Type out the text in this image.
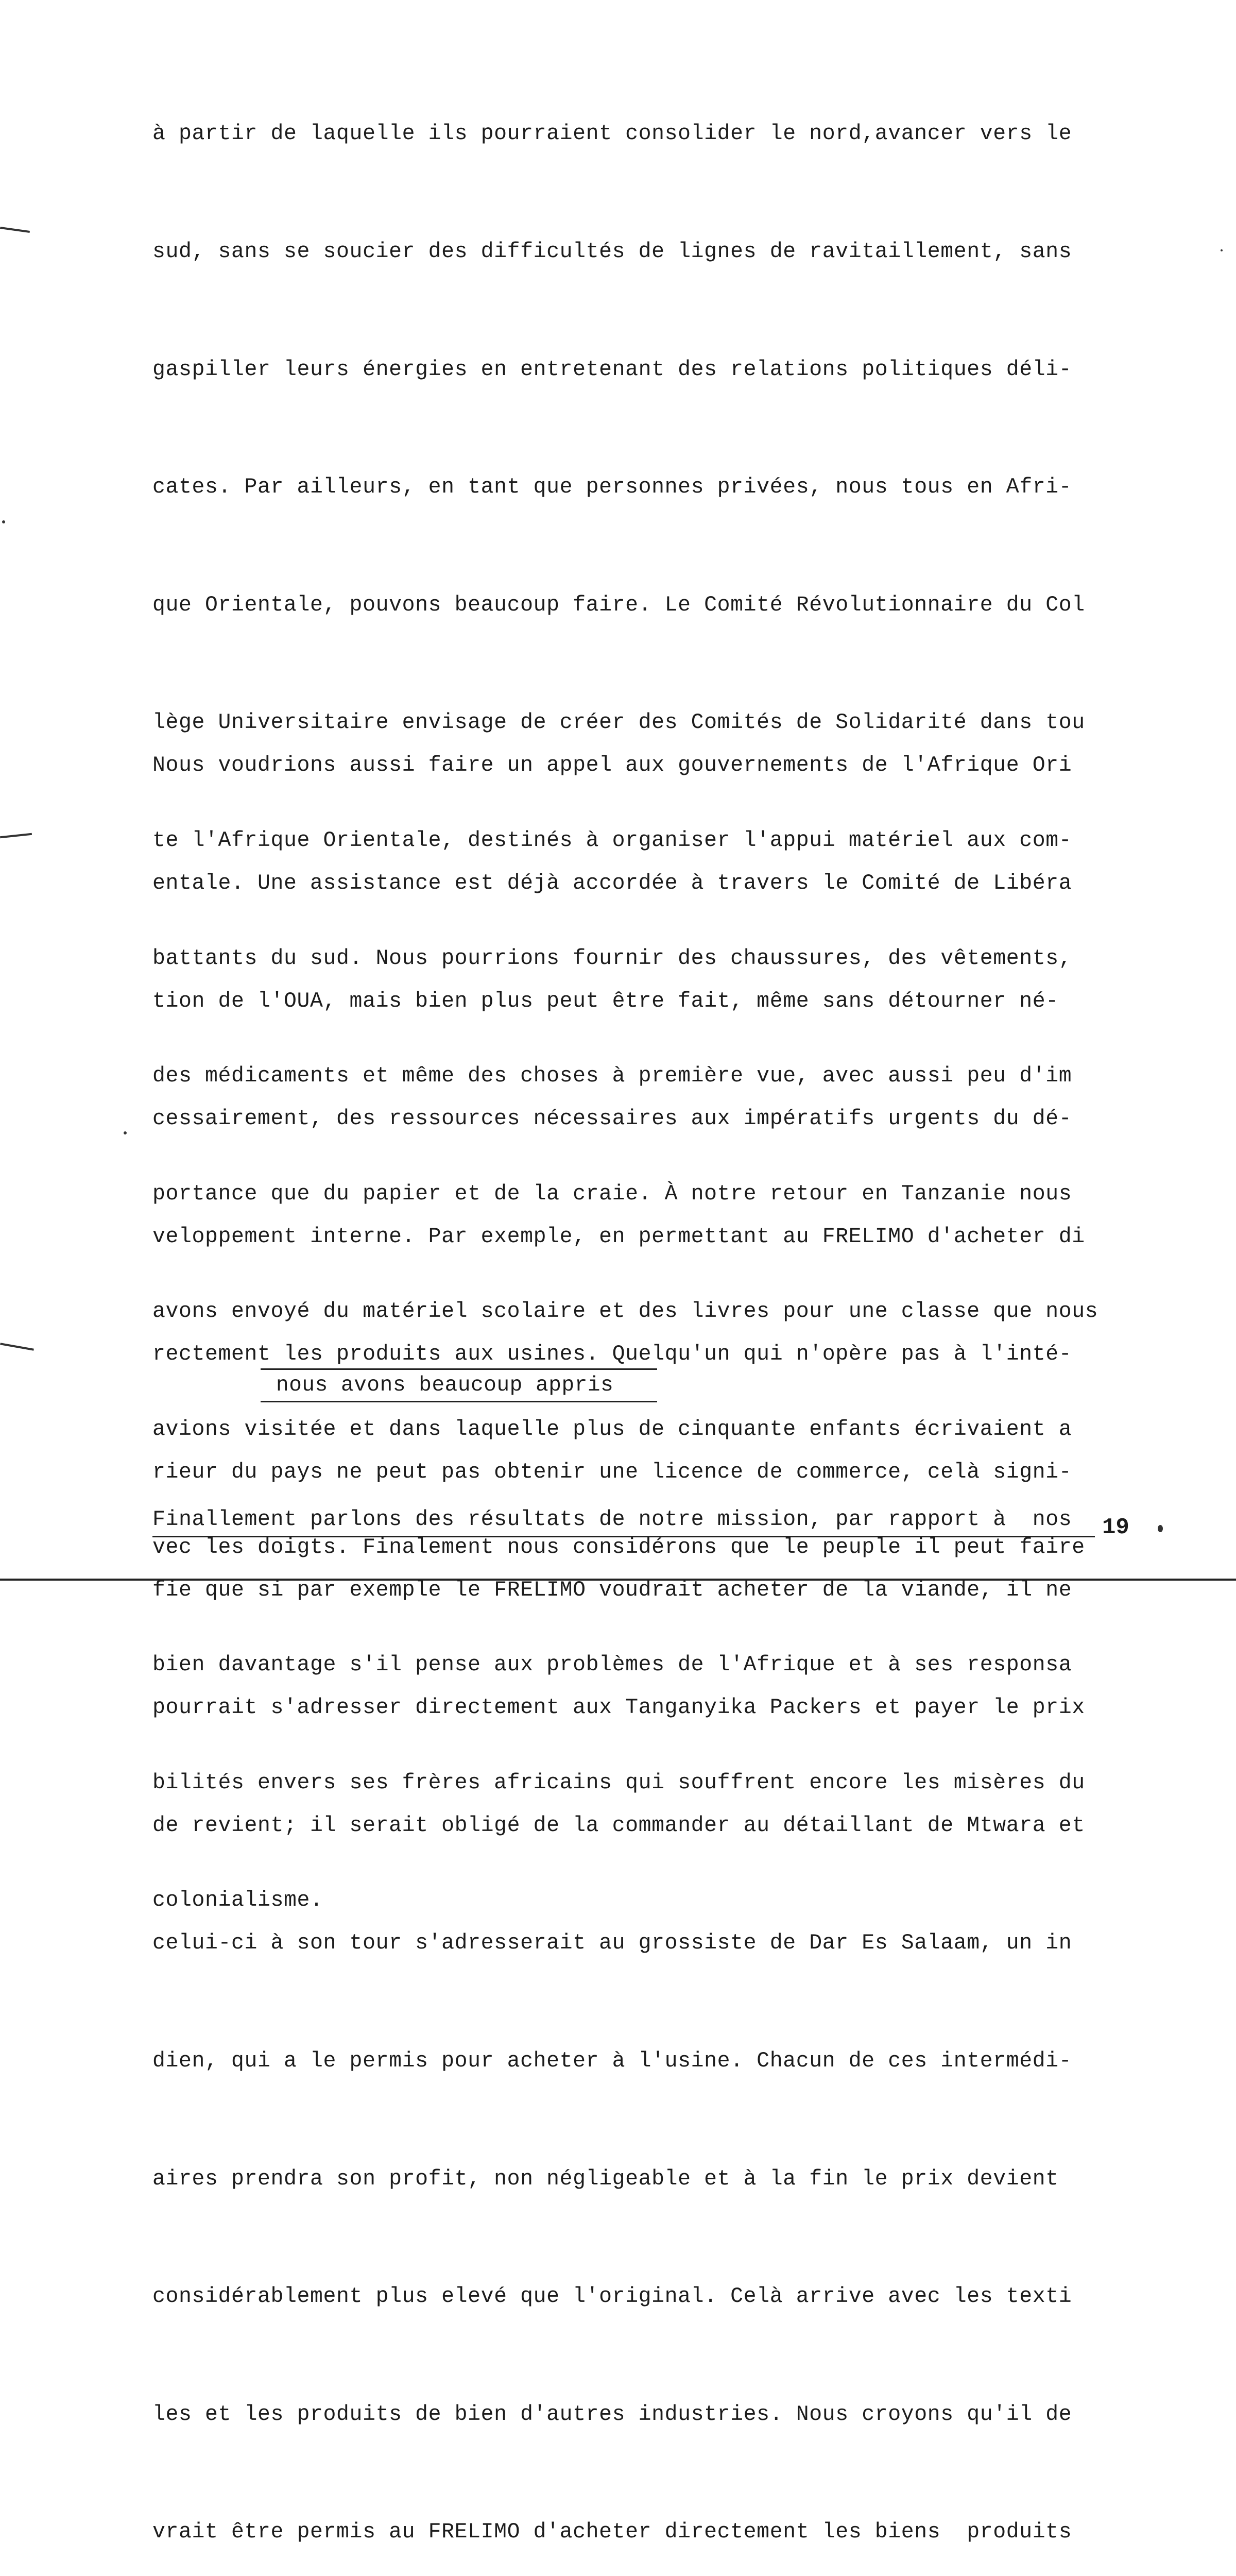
à partir de laquelle ils pourraient consolider le nord,avancer vers le

sud, sans se soucier des difficultés de lignes de ravitaillement, sans

gaspiller leurs énergies en entretenant des relations politiques déli-

cates. Par ailleurs, en tant que personnes privées, nous tous en Afri-

que Orientale, pouvons beaucoup faire. Le Comité Révolutionnaire du Col

lège Universitaire envisage de créer des Comités de Solidarité dans tou

te l'Afrique Orientale, destinés à organiser l'appui matériel aux com-

battants du sud. Nous pourrions fournir des chaussures, des vêtements,

des médicaments et même des choses à première vue, avec aussi peu d'im

portance que du papier et de la craie. À notre retour en Tanzanie nous

avons envoyé du matériel scolaire et des livres pour une classe que nous

avions visitée et dans laquelle plus de cinquante enfants écrivaient a

vec les doigts. Finalement nous considérons que le peuple il peut faire

bien davantage s'il pense aux problèmes de l'Afrique et à ses responsa

bilités envers ses frères africains qui souffrent encore les misères du

colonialisme.

Nous voudrions aussi faire un appel aux gouvernements de l'Afrique Ori

entale. Une assistance est déjà accordée à travers le Comité de Libéra

tion de l'OUA, mais bien plus peut être fait, même sans détourner né-

cessairement, des ressources nécessaires aux impératifs urgents du dé-

veloppement interne. Par exemple, en permettant au FRELIMO d'acheter di

rectement les produits aux usines. Quelqu'un qui n'opère pas à l'inté-

rieur du pays ne peut pas obtenir une licence de commerce, celà signi-

fie que si par exemple le FRELIMO voudrait acheter de la viande, il ne

pourrait s'adresser directement aux Tanganyika Packers et payer le prix

de revient; il serait obligé de la commander au détaillant de Mtwara et

celui-ci à son tour s'adresserait au grossiste de Dar Es Salaam, un in

dien, qui a le permis pour acheter à l'usine. Chacun de ces intermédi-

aires prendra son profit, non négligeable et à la fin le prix devient

considérablement plus elevé que l'original. Celà arrive avec les texti

les et les produits de bien d'autres industries. Nous croyons qu'il de

vrait être permis au FRELIMO d'acheter directement les biens  produits

nous avons beaucoup appris

Finallement parlons des résultats de notre mission, par rapport à  nos

	19
